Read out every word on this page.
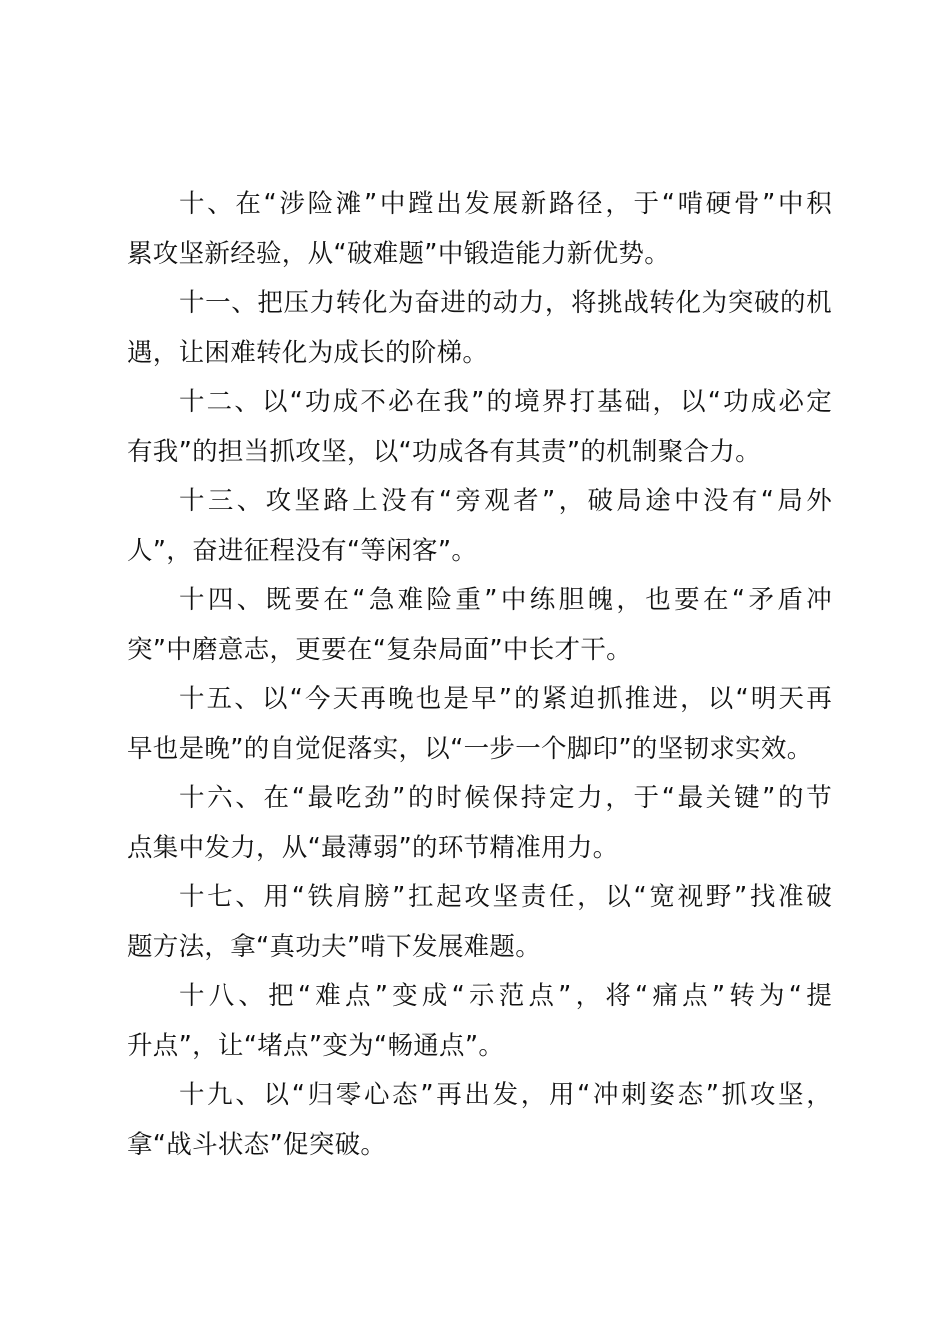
十、在“涉险滩”中蹚出发展新路径，于“啃硬骨”中积
累攻坚新经验，从“破难题”中锻造能力新优势。

十一、把压力转化为奋进的动力，将挑战转化为突破的机
遇，让困难转化为成长的阶梯。

十二、以“功成不必在我”的境界打基础，以“功成必定
有我”的担当抓攻坚，以“功成各有其责”的机制聚合力。

十三、攻坚路上没有“旁观者”，破局途中没有“局外
人”，奋进征程没有“等闲客”。

十四、既要在“急难险重”中练胆魄，也要在“矛盾冲
突”中磨意志，更要在“复杂局面”中长才干。

十五、以“今天再晚也是早”的紧迫抓推进，以“明天再
早也是晚”的自觉促落实，以“一步一个脚印”的坚韧求实效。

十六、在“最吃劲”的时候保持定力，于“最关键”的节
点集中发力，从“最薄弱”的环节精准用力。

十七、用“铁肩膀”扛起攻坚责任，以“宽视野”找准破
题方法，拿“真功夫”啃下发展难题。

十八、把“难点”变成“示范点”，将“痛点”转为“提
升点”，让“堵点”变为“畅通点”。

十九、以“归零心态”再出发，用“冲刺姿态”抓攻坚，
拿“战斗状态”促突破。
